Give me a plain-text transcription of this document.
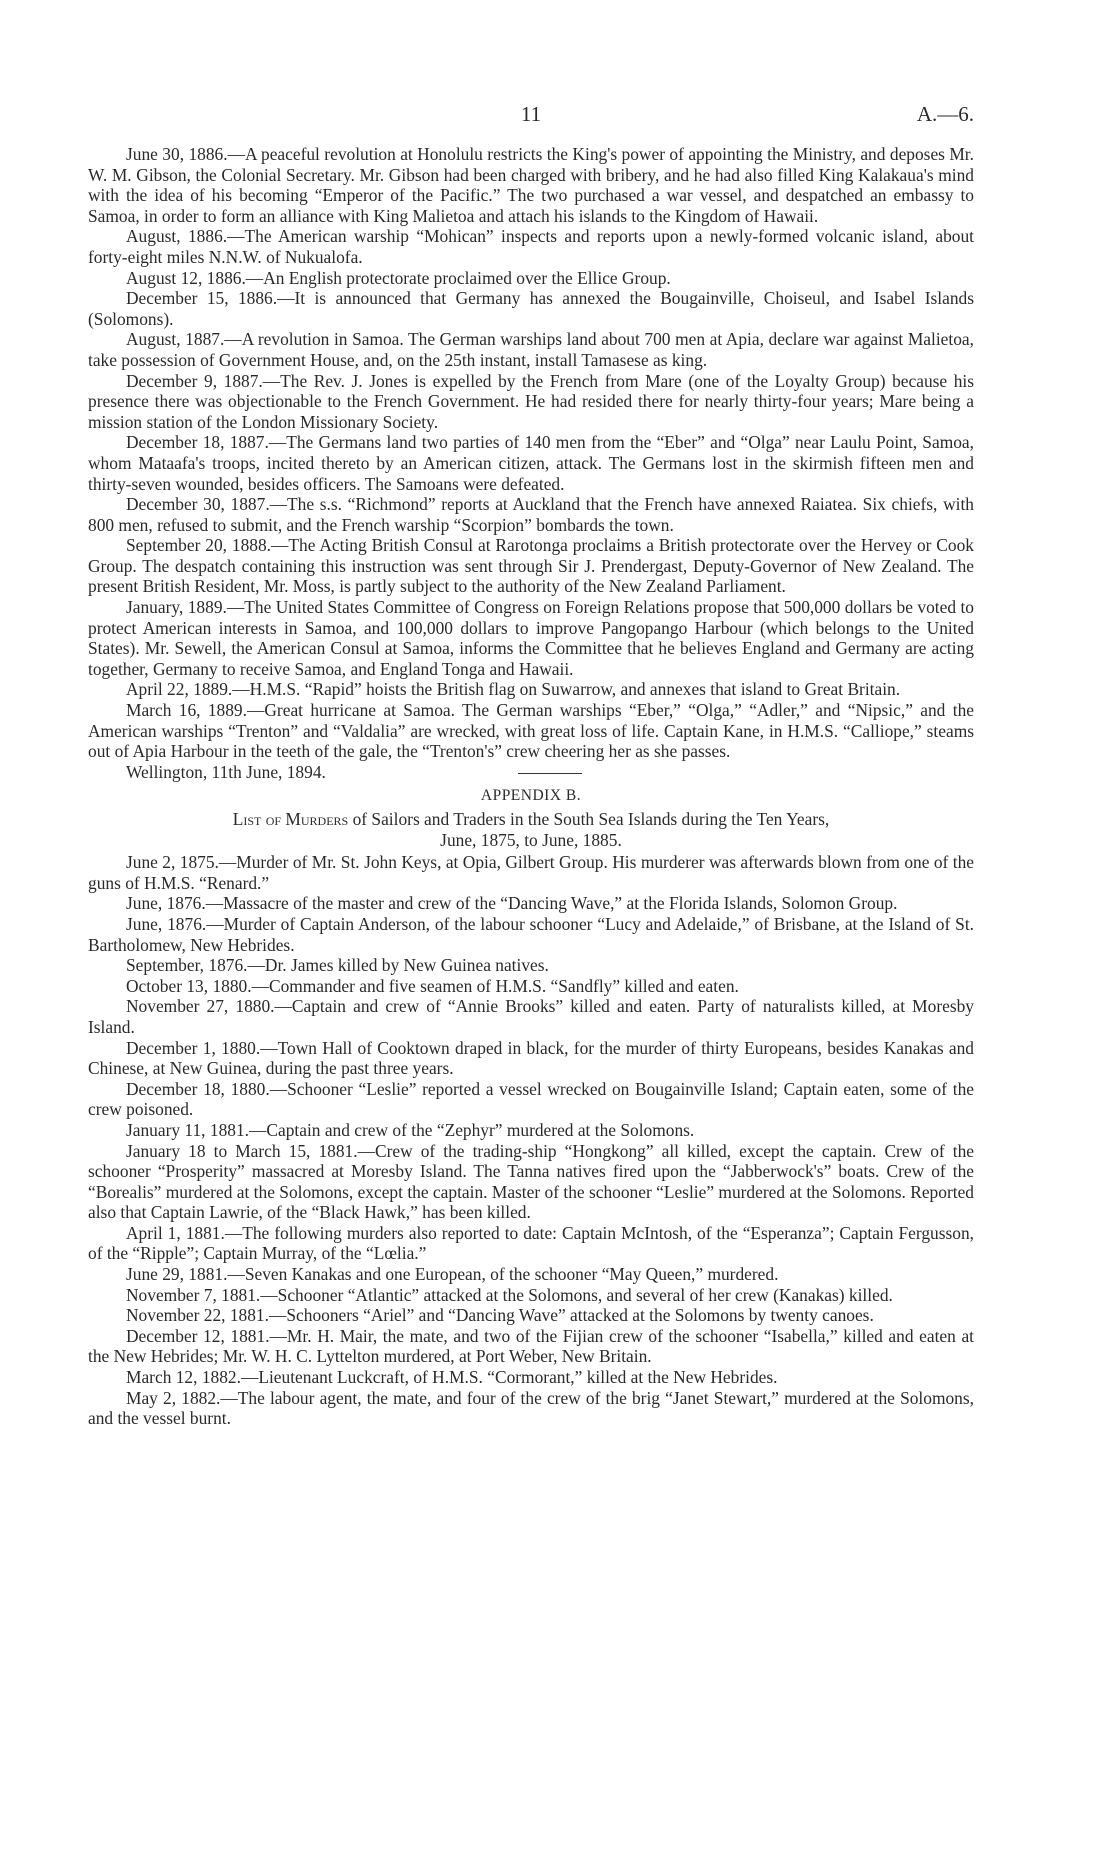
11	A.—6.

June 30, 1886.—A peaceful revolution at Honolulu restricts the King's power of appointing the Ministry, and deposes Mr. W. M. Gibson, the Colonial Secretary. Mr. Gibson had been charged with bribery, and he had also filled King Kalakaua's mind with the idea of his becoming “Emperor of the Pacific.” The two purchased a war vessel, and despatched an embassy to Samoa, in order to form an alliance with King Malietoa and attach his islands to the Kingdom of Hawaii.

August, 1886.—The American warship “Mohican” inspects and reports upon a newly-formed volcanic island, about forty-eight miles N.N.W. of Nukualofa.

August 12, 1886.—An English protectorate proclaimed over the Ellice Group.

December 15, 1886.—It is announced that Germany has annexed the Bougainville, Choiseul, and Isabel Islands (Solomons).

August, 1887.—A revolution in Samoa. The German warships land about 700 men at Apia, declare war against Malietoa, take possession of Government House, and, on the 25th instant, install Tamasese as king.

December 9, 1887.—The Rev. J. Jones is expelled by the French from Mare (one of the Loyalty Group) because his presence there was objectionable to the French Government. He had resided there for nearly thirty-four years; Mare being a mission station of the London Missionary Society.

December 18, 1887.—The Germans land two parties of 140 men from the “Eber” and “Olga” near Laulu Point, Samoa, whom Mataafa's troops, incited thereto by an American citizen, attack. The Germans lost in the skirmish fifteen men and thirty-seven wounded, besides officers. The Samoans were defeated.

December 30, 1887.—The s.s. “Richmond” reports at Auckland that the French have annexed Raiatea. Six chiefs, with 800 men, refused to submit, and the French warship “Scorpion” bombards the town.

September 20, 1888.—The Acting British Consul at Rarotonga proclaims a British protectorate over the Hervey or Cook Group. The despatch containing this instruction was sent through Sir J. Prendergast, Deputy-Governor of New Zealand. The present British Resident, Mr. Moss, is partly subject to the authority of the New Zealand Parliament.

January, 1889.—The United States Committee of Congress on Foreign Relations propose that 500,000 dollars be voted to protect American interests in Samoa, and 100,000 dollars to improve Pangopango Harbour (which belongs to the United States). Mr. Sewell, the American Consul at Samoa, informs the Committee that he believes England and Germany are acting together, Germany to receive Samoa, and England Tonga and Hawaii.

April 22, 1889.—H.M.S. “Rapid” hoists the British flag on Suwarrow, and annexes that island to Great Britain.

March 16, 1889.—Great hurricane at Samoa. The German warships “Eber,” “Olga,” “Adler,” and “Nipsic,” and the American warships “Trenton” and “Valdalia” are wrecked, with great loss of life. Captain Kane, in H.M.S. “Calliope,” steams out of Apia Harbour in the teeth of the gale, the “Trenton's” crew cheering her as she passes.

Wellington, 11th June, 1894.

APPENDIX B.

List of Murders of Sailors and Traders in the South Sea Islands during the Ten Years,
June, 1875, to June, 1885.

June 2, 1875.—Murder of Mr. St. John Keys, at Opia, Gilbert Group. His murderer was afterwards blown from one of the guns of H.M.S. “Renard.”

June, 1876.—Massacre of the master and crew of the “Dancing Wave,” at the Florida Islands, Solomon Group.

June, 1876.—Murder of Captain Anderson, of the labour schooner “Lucy and Adelaide,” of Brisbane, at the Island of St. Bartholomew, New Hebrides.

September, 1876.—Dr. James killed by New Guinea natives.

October 13, 1880.—Commander and five seamen of H.M.S. “Sandfly” killed and eaten.

November 27, 1880.—Captain and crew of “Annie Brooks” killed and eaten. Party of naturalists killed, at Moresby Island.

December 1, 1880.—Town Hall of Cooktown draped in black, for the murder of thirty Europeans, besides Kanakas and Chinese, at New Guinea, during the past three years.

December 18, 1880.—Schooner “Leslie” reported a vessel wrecked on Bougainville Island; Captain eaten, some of the crew poisoned.

January 11, 1881.—Captain and crew of the “Zephyr” murdered at the Solomons.

January 18 to March 15, 1881.—Crew of the trading-ship “Hongkong” all killed, except the captain. Crew of the schooner “Prosperity” massacred at Moresby Island. The Tanna natives fired upon the “Jabberwock's” boats. Crew of the “Borealis” murdered at the Solomons, except the captain. Master of the schooner “Leslie” murdered at the Solomons. Reported also that Captain Lawrie, of the “Black Hawk,” has been killed.

April 1, 1881.—The following murders also reported to date: Captain McIntosh, of the “Esperanza”; Captain Fergusson, of the “Ripple”; Captain Murray, of the “Lœlia.”

June 29, 1881.—Seven Kanakas and one European, of the schooner “May Queen,” murdered.

November 7, 1881.—Schooner “Atlantic” attacked at the Solomons, and several of her crew (Kanakas) killed.

November 22, 1881.—Schooners “Ariel” and “Dancing Wave” attacked at the Solomons by twenty canoes.

December 12, 1881.—Mr. H. Mair, the mate, and two of the Fijian crew of the schooner “Isabella,” killed and eaten at the New Hebrides; Mr. W. H. C. Lyttelton murdered, at Port Weber, New Britain.

March 12, 1882.—Lieutenant Luckcraft, of H.M.S. “Cormorant,” killed at the New Hebrides.

May 2, 1882.—The labour agent, the mate, and four of the crew of the brig “Janet Stewart,” murdered at the Solomons, and the vessel burnt.
